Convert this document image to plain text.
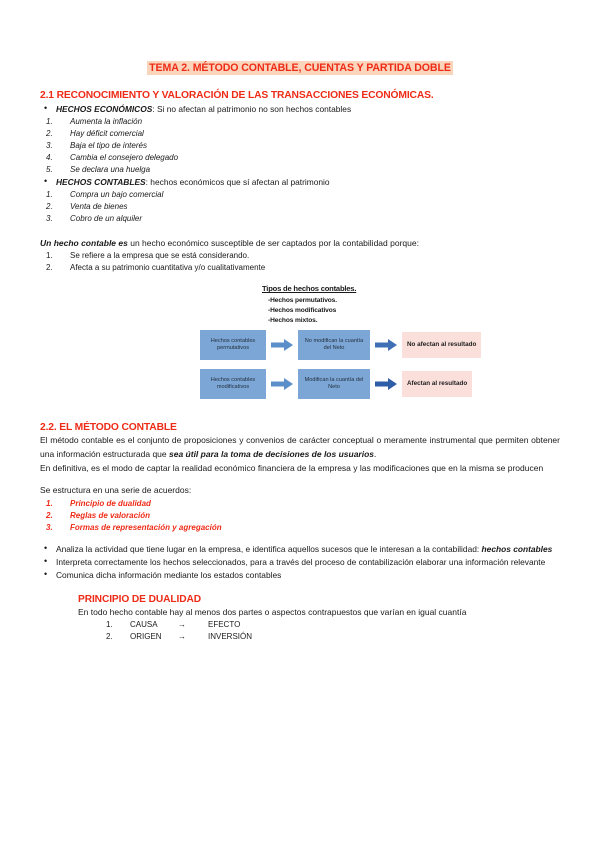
TEMA 2. MÉTODO CONTABLE, CUENTAS Y PARTIDA DOBLE
2.1 RECONOCIMIENTO Y VALORACIÓN DE LAS TRANSACCIONES ECONÓMICAS.
• HECHOS ECONÓMICOS: Si no afectan al patrimonio no son hechos contables
1.	Aumenta la inflación
2.	Hay déficit comercial
3.	Baja el tipo de interés
4.	Cambia el consejero delegado
5.	Se declara una huelga
• HECHOS CONTABLES: hechos económicos que sí afectan al patrimonio
1.	Compra un bajo comercial
2.	Venta de bienes
3.	Cobro de un alquiler
Un hecho contable es un hecho económico susceptible de ser captados por la contabilidad porque:
1.	Se refiere a la empresa que se está considerando.
2.	Afecta a su patrimonio cuantitativa y/o cualitativamente
Tipos de hechos contables.
-Hechos permutativos.
-Hechos modificativos
-Hechos mixtos.
Hechos contables permutativos
No modifican la cuantía del Neto
No afectan al resultado
Hechos contables modificativos
Modifican la cuantía del Neto
Afectan al resultado
2.2. EL MÉTODO CONTABLE

El método contable es el conjunto de proposiciones y convenios de carácter conceptual o meramente instrumental que permiten obtener una información estructurada que sea útil para la toma de decisiones de los usuarios.

En definitiva, es el modo de captar la realidad económico financiera de la empresa y las modificaciones que en la misma se producen

Se estructura en una serie de acuerdos:
1.	Principio de dualidad
2.	Reglas de valoración
3.	Formas de representación y agregación
• Analiza la actividad que tiene lugar en la empresa, e identifica aquellos sucesos que le interesan a la contabilidad: hechos contables
• Interpreta correctamente los hechos seleccionados, para a través del proceso de contabilización elaborar una información relevante
• Comunica dicha información mediante los estados contables
PRINCIPIO DE DUALIDAD
En todo hecho contable hay al menos dos partes o aspectos contrapuestos que varían en igual cuantía
1.	CAUSA	→	EFECTO
2.	ORIGEN →	INVERSIÓN
